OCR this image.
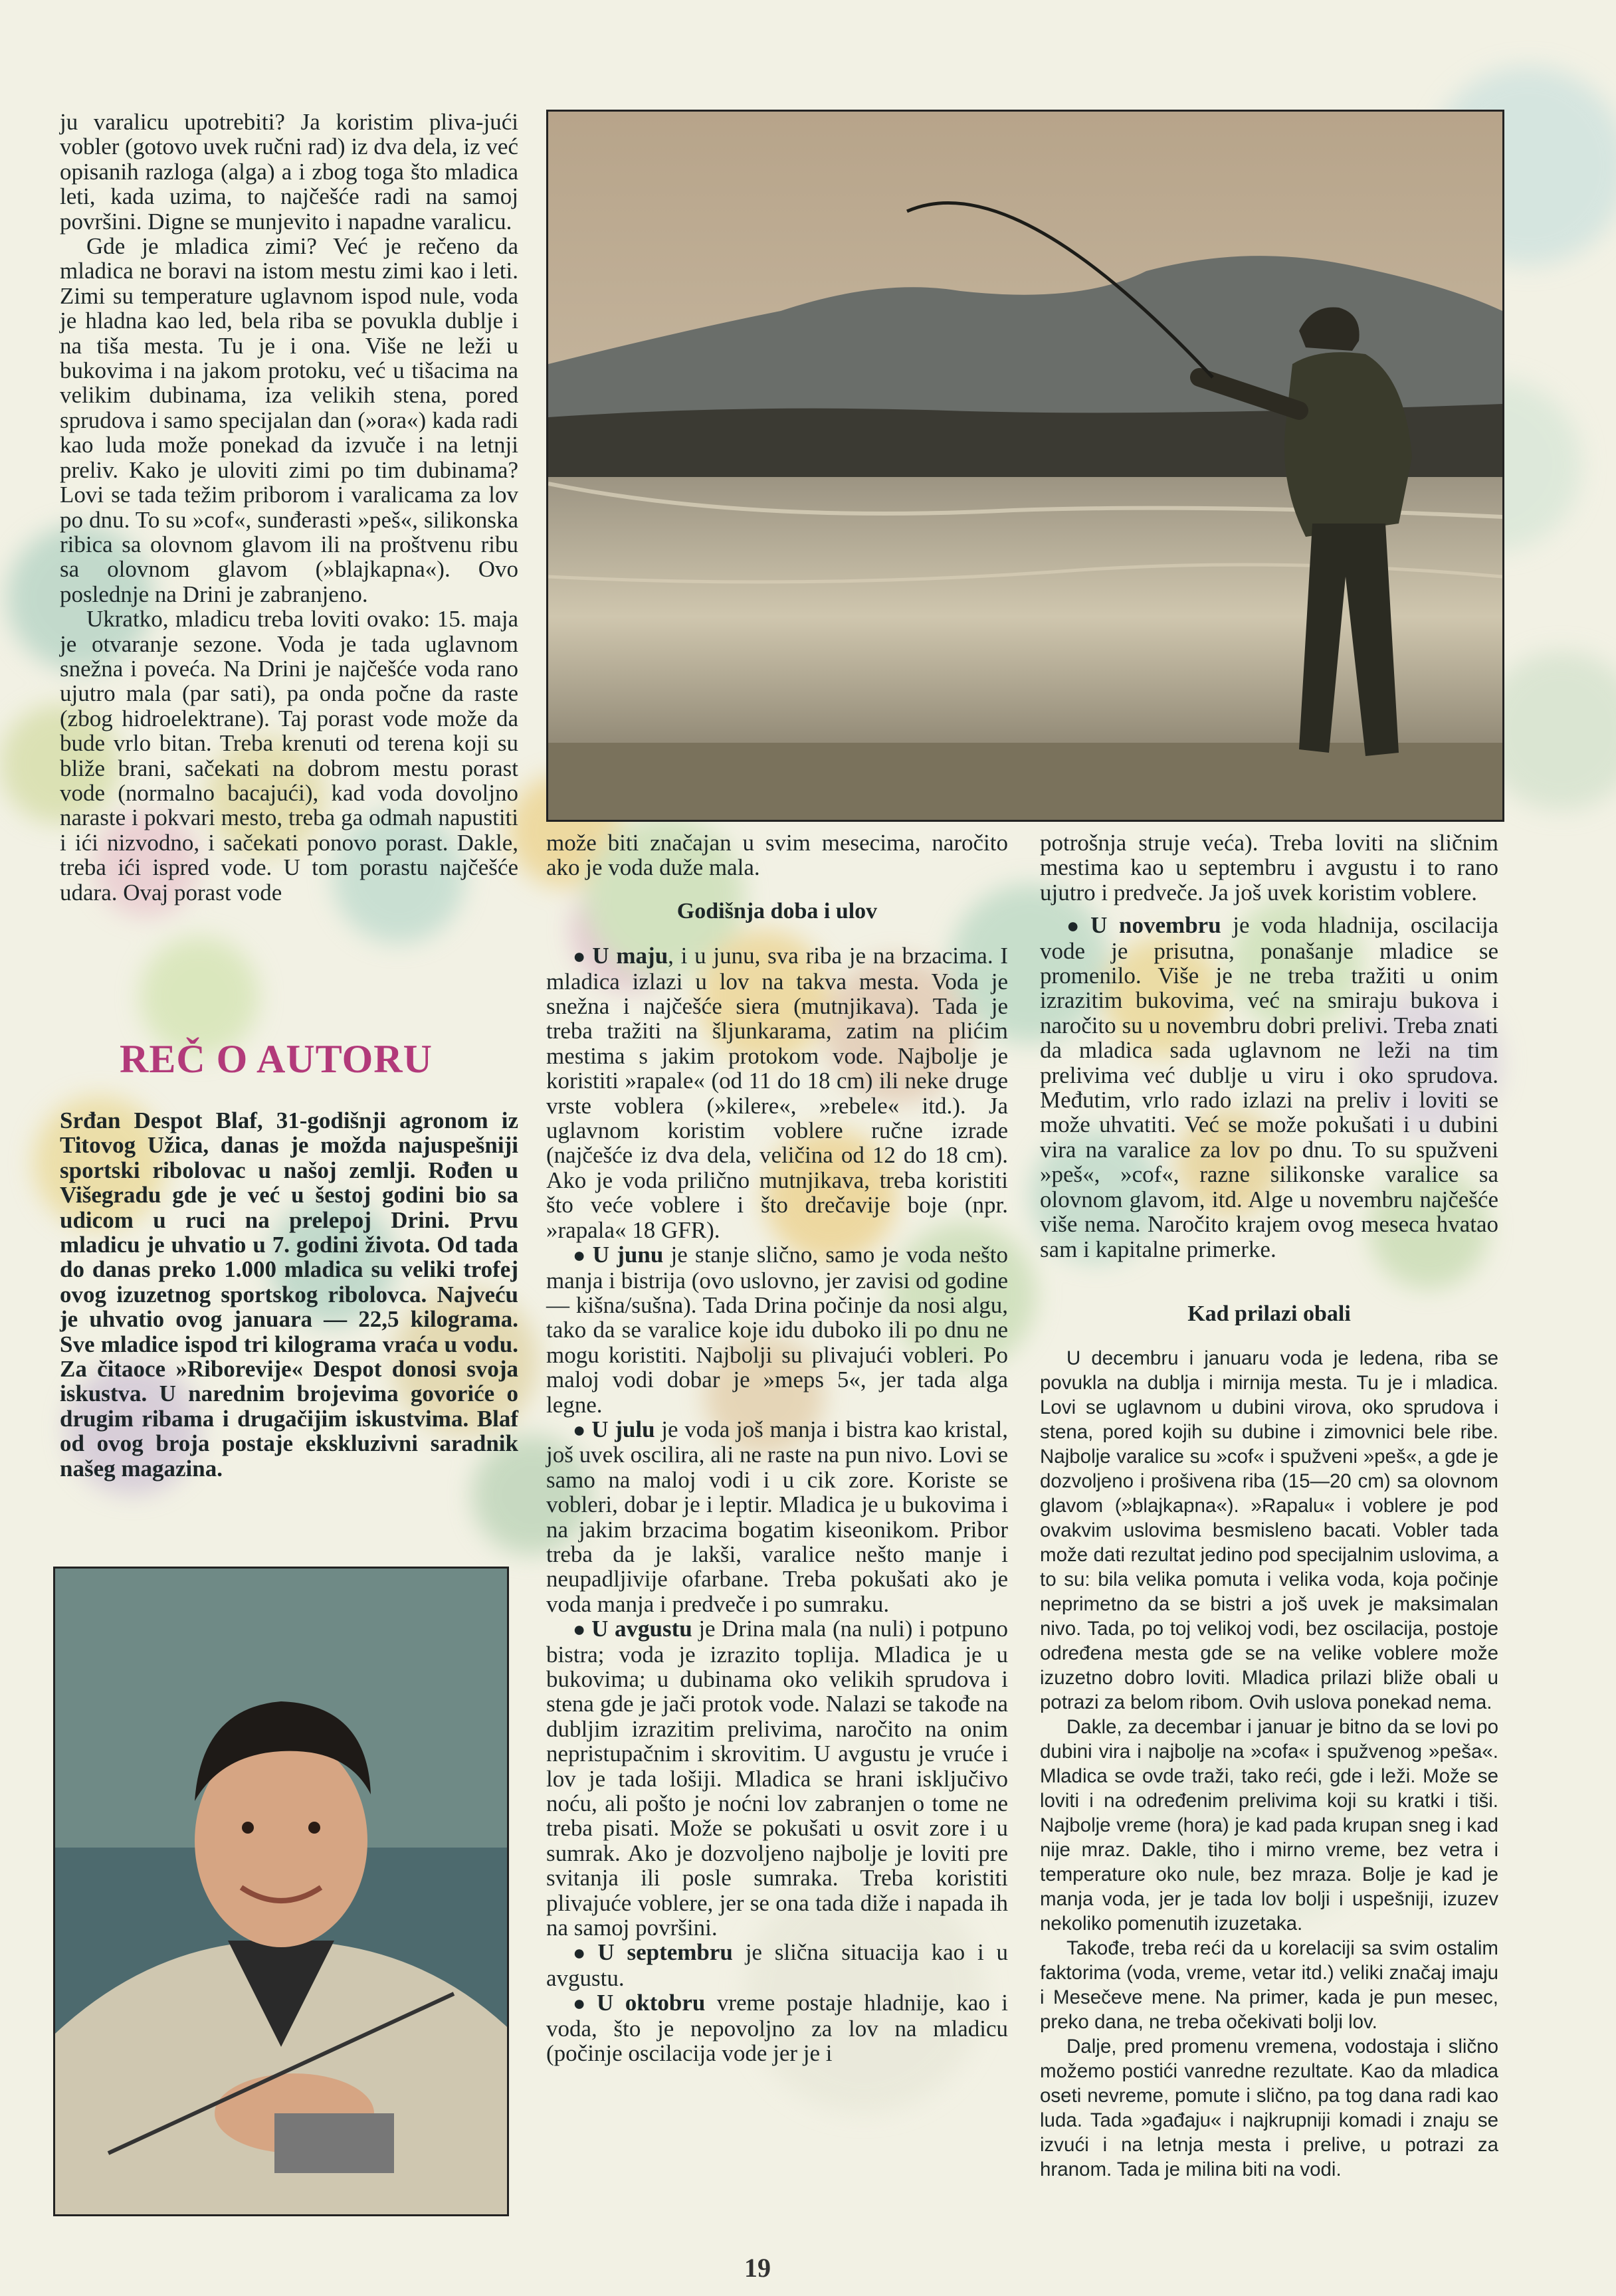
ju varalicu upotrebiti? Ja koristim pliva-jući vobler (gotovo uvek ručni rad) iz dva dela, iz već opisanih razloga (alga) a i zbog toga što mladica leti, kada uzima, to najčešće radi na samoj površini. Digne se munjevito i napadne varalicu.

Gde je mladica zimi? Već je rečeno da mladica ne boravi na istom mestu zimi kao i leti. Zimi su temperature uglavnom ispod nule, voda je hladna kao led, bela riba se povukla dublje i na tiša mesta. Tu je i ona. Više ne leži u bukovima i na jakom protoku, već u tišacima na velikim dubinama, iza velikih stena, pored sprudova i samo specijalan dan (»ora«) kada radi kao luda može ponekad da izvuče i na letnji preliv. Kako je uloviti zimi po tim dubinama? Lovi se tada težim priborom i varalicama za lov po dnu. To su »cof«, sunđerasti »peš«, silikonska ribica sa olovnom glavom ili na proštvenu ribu sa olovnom glavom (»blajkapna«). Ovo poslednje na Drini je zabranjeno.

Ukratko, mladicu treba loviti ovako: 15. maja je otvaranje sezone. Voda je tada uglavnom snežna i poveća. Na Drini je najčešće voda rano ujutro mala (par sati), pa onda počne da raste (zbog hidroelektrane). Taj porast vode može da bude vrlo bitan. Treba krenuti od terena koji su bliže brani, sačekati na dobrom mestu porast vode (normalno bacajući), kad voda dovoljno naraste i pokvari mesto, treba ga odmah napustiti i ići nizvodno, i sačekati ponovo porast. Dakle, treba ići ispred vode. U tom porastu najčešće udara. Ovaj porast vode

REČ O AUTORU
Srđan Despot Blaf, 31-godišnji agronom iz Titovog Užica, danas je možda najuspešniji sportski ribolovac u našoj zemlji. Rođen u Višegradu gde je već u šestoj godini bio sa udicom u ruci na prelepoj Drini. Prvu mladicu je uhvatio u 7. godini života. Od tada do danas preko 1.000 mladica su veliki trofej ovog izuzetnog sportskog ribolovca. Najveću je uhvatio ovog januara — 22,5 kilograma. Sve mladice ispod tri kilograma vraća u vodu. Za čitaoce »Riborevije« Despot donosi svoja iskustva. U narednim brojevima govoriće o drugim ribama i drugačijim iskustvima. Blaf od ovog broja postaje ekskluzivni saradnik našeg magazina.

može biti značajan u svim mesecima, naročito ako je voda duže mala.

Godišnja doba i ulov

● U maju, i u junu, sva riba je na brzacima. I mladica izlazi u lov na takva mesta. Voda je snežna i najčešće siera (mutnjikava). Tada je treba tražiti na šljunkaramа, zatim na plićim mestima s jakim protokom vode. Najbolje je koristiti »rapale« (od 11 do 18 cm) ili neke druge vrste voblera (»kilere«, »rebele« itd.). Ja uglavnom koristim voblere ručne izrade (najčešće iz dva dela, veličina od 12 do 18 cm). Ako je voda prilično mutnjikava, treba koristiti što veće voblere i što drečavije boje (npr. »rapala« 18 GFR).

● U junu je stanje slično, samo je voda nešto manja i bistrija (ovo uslovno, jer zavisi od godine — kišna/sušna). Tada Drina počinje da nosi algu, tako da se varalice koje idu duboko ili po dnu ne mogu koristiti. Najbolji su plivajući vobleri. Po maloj vodi dobar je »meps 5«, jer tada alga legne.

● U julu je voda još manja i bistra kao kristal, još uvek oscilira, ali ne raste na pun nivo. Lovi se samo na maloj vodi i u cik zore. Koriste se vobleri, dobar je i leptir. Mladica je u bukovima i na jakim brzacima bogatim kiseonikom. Pribor treba da je lakši, varalice nešto manje i neupadljivije ofarbane. Treba pokušati ako je voda manja i predveče i po sumraku.

● U avgustu je Drina mala (na nuli) i potpuno bistra; voda je izrazito toplija. Mladica je u bukovima; u dubinama oko velikih sprudova i stena gde je jači protok vode. Nalazi se takođe na dubljim izrazitim prelivima, naročito na onim nepristupačnim i skrovitim. U avgustu je vruće i lov je tada lošiji. Mladica se hrani isključivo noću, ali pošto je noćni lov zabranjen o tome ne treba pisati. Može se pokušati u osvit zore i u sumrak. Ako je dozvoljeno najbolje je loviti pre svitanja ili posle sumraka. Treba koristiti plivajuće voblere, jer se ona tada diže i napada ih na samoj površini.

● U septembru je slična situacija kao i u avgustu.

● U oktobru vreme postaje hladnije, kao i voda, što je nepovoljno za lov na mladicu (počinje oscilacija vode jer je i

potrošnja struje veća). Treba loviti na sličnim mestima kao u septembru i avgustu i to rano ujutro i predveče. Ja još uvek koristim voblere.

● U novembru je voda hladnija, oscilacija vode je prisutna, ponašanje mladice se promenilo. Više je ne treba tražiti u onim izrazitim bukovima, već na smiraju bukova i naročito su u novembru dobri prelivi. Treba znati da mladica sada uglavnom ne leži na tim prelivima već dublje u viru i oko sprudova. Međutim, vrlo rado izlazi na preliv i loviti se može uhvatiti. Već se može pokušati i u dubini vira na varalice za lov po dnu. To su spužveni »peš«, »cof«, razne silikonske varalice sa olovnom glavom, itd. Alge u novembru najčešće više nema. Naročito krajem ovog meseca hvatao sam i kapitalne primerke.

Kad prilazi obali

U decembru i januaru voda je ledena, riba se povukla na dublja i mirnija mesta. Tu je i mladica. Lovi se uglavnom u dubini virova, oko sprudova i stena, pored kojih su dubine i zimovnici bele ribe. Najbolje varalice su »cof« i spužveni »peš«, a gde je dozvoljeno i prošivena riba (15—20 cm) sa olovnom glavom (»blajkapna«). »Rapalu« i voblere je pod ovakvim uslovima besmisleno bacati. Vobler tada može dati rezultat jedino pod specijalnim uslovima, a to su: bila velika pomuta i velika voda, koja počinje neprimetno da se bistri a još uvek je maksimalan nivo. Tada, po toj velikoj vodi, bez oscilacija, postoje određena mesta gde se na velike voblere može izuzetno dobro loviti. Mladica prilazi bliže obali u potrazi za belom ribom. Ovih uslova ponekad nema.

Dakle, za decembar i januar je bitno da se lovi po dubini vira i najbolje na »cofa« i spužvenog »peša«. Mladica se ovde traži, tako reći, gde i leži. Može se loviti i na određenim prelivima koji su kratki i tiši. Najbolje vreme (hora) je kad pada krupan sneg i kad nije mraz. Dakle, tiho i mirno vreme, bez vetra i temperature oko nule, bez mraza. Bolje je kad je manja voda, jer je tada lov bolji i uspešniji, izuzev nekoliko pomenutih izuzetaka.

Takođe, treba reći da u korelaciji sa svim ostalim faktorima (voda, vreme, vetar itd.) veliki značaj imaju i Mesečeve mene. Na primer, kada je pun mesec, preko dana, ne treba očekivati bolji lov.

Dalje, pred promenu vremena, vodostaja i slično možemo postići vanredne rezultate. Kao da mladica oseti nevreme, pomute i slično, pa tog dana radi kao luda. Tada »gađaju« i najkrupniji komadi i znaju se izvući i na letnja mesta i prelive, u potrazi za hranom. Tada je milina biti na vodi.

19
